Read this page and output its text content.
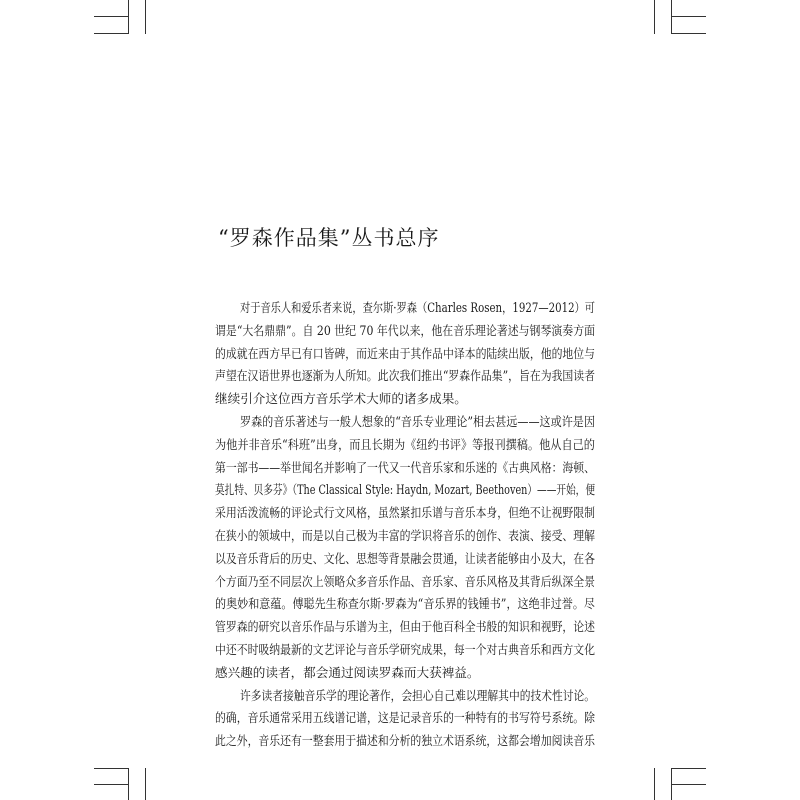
“罗森作品集”丛书总序
对于音乐人和爱乐者来说，查尔斯·罗森（Charles Rosen，1927—2012）可
谓是“大名鼎鼎”。自 20 世纪 70 年代以来，他在音乐理论著述与钢琴演奏方面
的成就在西方早已有口皆碑，而近来由于其作品中译本的陆续出版，他的地位与
声望在汉语世界也逐渐为人所知。此次我们推出“罗森作品集”，旨在为我国读者
继续引介这位西方音乐学术大师的诸多成果。
罗森的音乐著述与一般人想象的“音乐专业理论”相去甚远——这或许是因
为他并非音乐“科班”出身，而且长期为《纽约书评》等报刊撰稿。他从自己的
第一部书——举世闻名并影响了一代又一代音乐家和乐迷的《古典风格：海顿、
莫扎特、贝多芬》（The Classical Style: Haydn, Mozart, Beethoven）——开始，便
采用活泼流畅的评论式行文风格，虽然紧扣乐谱与音乐本身，但绝不让视野限制
在狭小的领域中，而是以自己极为丰富的学识将音乐的创作、表演、接受、理解
以及音乐背后的历史、文化、思想等背景融会贯通，让读者能够由小及大，在各
个方面乃至不同层次上领略众多音乐作品、音乐家、音乐风格及其背后纵深全景
的奥妙和意蕴。傅聪先生称查尔斯·罗森为“音乐界的钱锺书”，这绝非过誉。尽
管罗森的研究以音乐作品与乐谱为主，但由于他百科全书般的知识和视野，论述
中还不时吸纳最新的文艺评论与音乐学研究成果，每一个对古典音乐和西方文化
感兴趣的读者，都会通过阅读罗森而大获裨益。
许多读者接触音乐学的理论著作，会担心自己难以理解其中的技术性讨论。
的确，音乐通常采用五线谱记谱，这是记录音乐的一种特有的书写符号系统。除
此之外，音乐还有一整套用于描述和分析的独立术语系统，这都会增加阅读音乐
